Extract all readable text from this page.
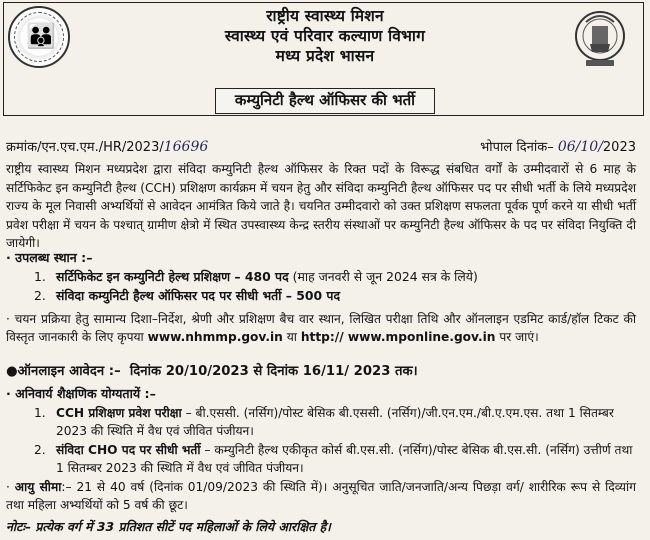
👪
राष्ट्रीय स्वास्थ्य मिशन
स्वास्थ्य एवं परिवार कल्याण विभाग
मध्य प्रदेश भासन
कम्युनिटी हैल्थ ऑफिसर की भर्ती
क्रमांक/एन.एच.एम./HR/2023/16696	भोपाल दिनांक– 06/10/2023
राष्ट्रीय स्वास्थ्य मिशन मध्यप्रदेश द्वारा संविदा कम्युनिटी हैल्थ ऑफिसर के रिक्त पदों के विरूद्ध संबधित वर्गों के उम्मीदवारों से 6 माह के सर्टिफिकेट इन कम्युनिटी हैल्थ (CCH) प्रशिक्षण कार्यक्रम में चयन हेतु और संविदा कम्युनिटी हैल्थ ऑफिसर पद पर सीधी भर्ती के लिये मध्यप्रदेश राज्य के मूल निवासी अभ्यर्थियों से आवेदन आमंत्रित किये जाते है। चयनित उम्मीदवारो को उक्त प्रशिक्षण सफलता पूर्वक पूर्ण करने या सीधी भर्ती प्रवेश परीक्षा में चयन के पश्चात् ग्रामीण क्षेत्रो में स्थित उपस्वास्थ्य केन्द्र स्तरीय संस्थाओं पर कम्युनिटी हैल्थ ऑफिसर के पद पर संविदा नियुक्ति दी जायेगी।
· उपलब्ध स्थान :–
1. सर्टिफिकेट इन कम्युनिटी हेल्थ प्रशिक्षण – 480 पद (माह जनवरी से जून 2024 सत्र के लिये)
2. संविदा कम्युनिटी हैल्थ ऑफिसर पद पर सीधी भर्ती – 500 पद
· चयन प्रक्रिया हेतु सामान्य दिशा–निर्देश, श्रेणी और प्रशिक्षण बैच वार स्थान, लिखित परीक्षा तिथि और ऑनलाइन एडमिट कार्ड/हॉल टिकट की विस्तृत जानकारी के लिए कृपया www.nhmmp.gov.in या http:// www.mponline.gov.in पर जाएं।
●ऑनलाइन आवेदन :– दिनांक 20/10/2023 से दिनांक 16/11/ 2023 तक।
· अनिवार्य शैक्षणिक योग्यतायें :–
1. CCH प्रशिक्षण प्रवेश परीक्षा – बी.एससी. (नर्सिग)/पोस्ट बेसिक बी.एससी. (नर्सिग)/जी.एन.एम./बी.ए.एम.एस. तथा 1 सितम्बर 2023 की स्थिति में वैध एवं जीवित पंजीयन।
2. संविदा CHO पद पर सीधी भर्ती – कम्युनिटी हैल्थ एकीकृत कोर्स बी.एस.सी. (नर्सिग)/पोस्ट बेसिक बी.एस.सी. (नर्सिग) उत्तीर्ण तथा 1 सितम्बर 2023 की स्थिति में वैध एवं जीवित पंजीयन।
· आयु सीमा:– 21 से 40 वर्ष (दिनांक 01/09/2023 की स्थिति में)। अनुसूचित जाति/जनजाति/अन्य पिछड़ा वर्ग/ शारीरिक रूप से दिव्यांग तथा महिला अभ्यर्थियों को 5 वर्ष की छूट।
नोटः– प्रत्येक वर्ग में 33 प्रतिशत सीटें पद महिलाओं के लिये आरक्षित है।
